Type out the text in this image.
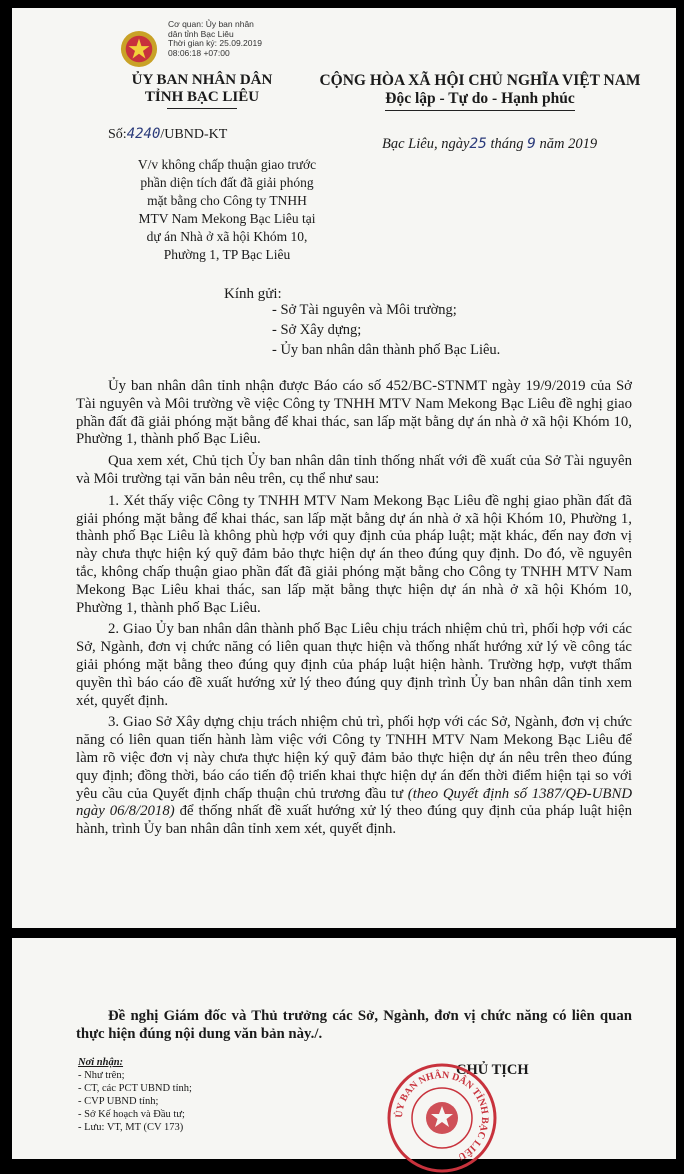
Cơ quan: Ủy ban nhân
dân tỉnh Bạc Liêu
Thời gian ký: 25.09.2019
08:06:18 +07:00
ỦY BAN NHÂN DÂN
TỈNH BẠC LIÊU
CỘNG HÒA XÃ HỘI CHỦ NGHĨA VIỆT NAM
Độc lập - Tự do - Hạnh phúc
Số:4240/UBND-KT
Bạc Liêu, ngày25 tháng 9 năm 2019
V/v không chấp thuận giao trước
phần diện tích đất đã giải phóng
mặt bằng cho Công ty TNHH
MTV Nam Mekong Bạc Liêu tại
dự án Nhà ở xã hội Khóm 10,
Phường 1, TP Bạc Liêu
Kính gửi:
- Sở Tài nguyên và Môi trường;
- Sở Xây dựng;
- Ủy ban nhân dân thành phố Bạc Liêu.

Ủy ban nhân dân tỉnh nhận được Báo cáo số 452/BC-STNMT ngày 19/9/2019 của Sở Tài nguyên và Môi trường về việc Công ty TNHH MTV Nam Mekong Bạc Liêu đề nghị giao phần đất đã giải phóng mặt bằng để khai thác, san lấp mặt bằng dự án nhà ở xã hội Khóm 10, Phường 1, thành phố Bạc Liêu.

Qua xem xét, Chủ tịch Ủy ban nhân dân tỉnh thống nhất với đề xuất của Sở Tài nguyên và Môi trường tại văn bản nêu trên, cụ thể như sau:

1. Xét thấy việc Công ty TNHH MTV Nam Mekong Bạc Liêu đề nghị giao phần đất đã giải phóng mặt bằng để khai thác, san lấp mặt bằng dự án nhà ở xã hội Khóm 10, Phường 1, thành phố Bạc Liêu là không phù hợp với quy định của pháp luật; mặt khác, đến nay đơn vị này chưa thực hiện ký quỹ đảm bảo thực hiện dự án theo đúng quy định. Do đó, về nguyên tắc, không chấp thuận giao phần đất đã giải phóng mặt bằng cho Công ty TNHH MTV Nam Mekong Bạc Liêu khai thác, san lấp mặt bằng thực hiện dự án nhà ở xã hội Khóm 10, Phường 1, thành phố Bạc Liêu.

2. Giao Ủy ban nhân dân thành phố Bạc Liêu chịu trách nhiệm chủ trì, phối hợp với các Sở, Ngành, đơn vị chức năng có liên quan thực hiện và thống nhất hướng xử lý về công tác giải phóng mặt bằng theo đúng quy định của pháp luật hiện hành. Trường hợp, vượt thẩm quyền thì báo cáo đề xuất hướng xử lý theo đúng quy định trình Ủy ban nhân dân tỉnh xem xét, quyết định.

3. Giao Sở Xây dựng chịu trách nhiệm chủ trì, phối hợp với các Sở, Ngành, đơn vị chức năng có liên quan tiến hành làm việc với Công ty TNHH MTV Nam Mekong Bạc Liêu để làm rõ việc đơn vị này chưa thực hiện ký quỹ đảm bảo thực hiện dự án nêu trên theo đúng quy định; đồng thời, báo cáo tiến độ triển khai thực hiện dự án đến thời điểm hiện tại so với yêu cầu của Quyết định chấp thuận chủ trương đầu tư (theo Quyết định số 1387/QĐ-UBND ngày 06/8/2018) để thống nhất đề xuất hướng xử lý theo đúng quy định của pháp luật hiện hành, trình Ủy ban nhân dân tỉnh xem xét, quyết định.

Đề nghị Giám đốc và Thủ trưởng các Sở, Ngành, đơn vị chức năng có liên quan thực hiện đúng nội dung văn bản này./.

Nơi nhận:
- Như trên;
- CT, các PCT UBND tỉnh;
- CVP UBND tỉnh;
- Sở Kế hoạch và Đầu tư;
- Lưu: VT, MT (CV 173)
CHỦ TỊCH
ỦY BAN NHÂN DÂN TỈNH BẠC LIÊU
